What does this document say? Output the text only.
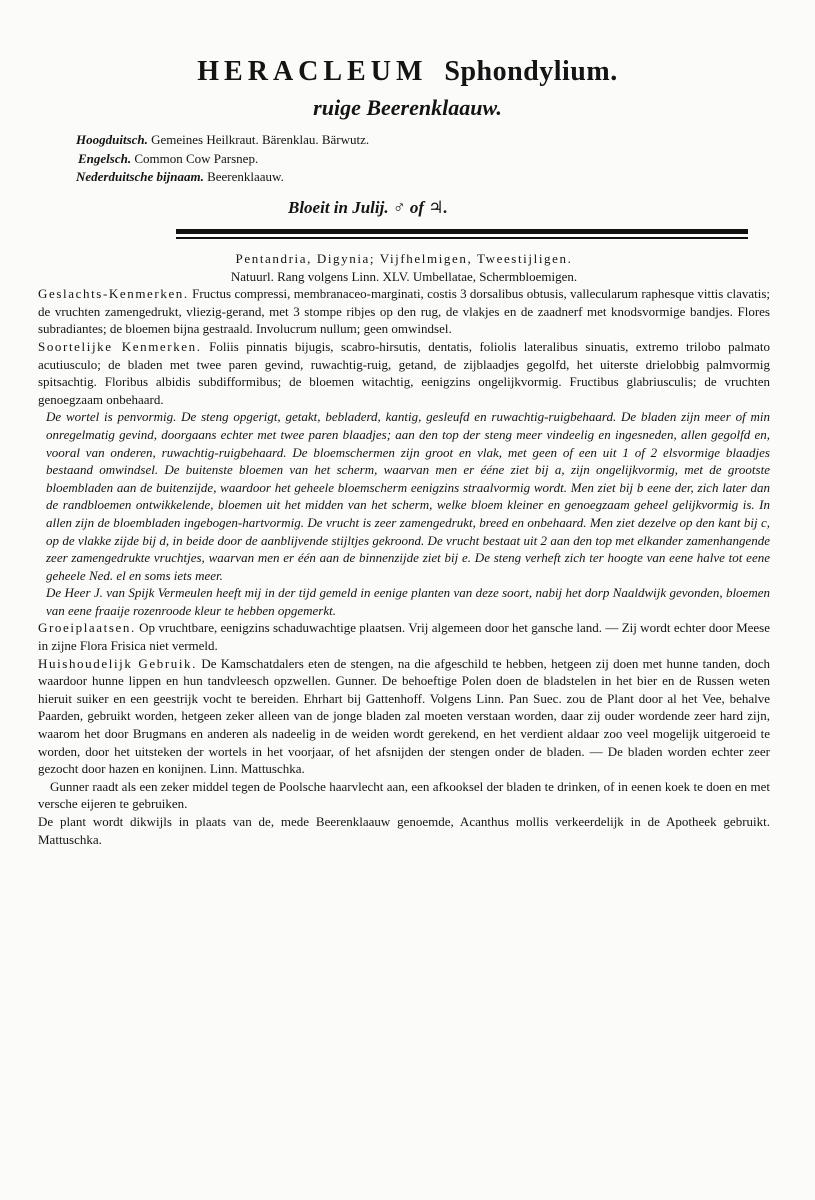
HERACLEUM Sphondylium.
ruige Beerenklaauw.
Hoogduitsch. Gemeines Heilkraut. Bärenklau. Bärwutz.
Engelsch. Common Cow Parsnep.
Nederduitsche bijnaam. Beerenklaauw.
Bloeit in Julij. ♂ of ♃.

Pentandria, Digynia; Vijfhelmigen, Tweestijligen.

Natuurl. Rang volgens Linn. XLV. Umbellatae, Schermbloemigen.

Geslachts-Kenmerken. Fructus compressi, membranaceo-marginati, costis 3 dorsalibus obtusis, vallecularum raphesque vittis clavatis; de vruchten zamengedrukt, vliezig-gerand, met 3 stompe ribjes op den rug, de vlakjes en de zaadnerf met knodsvormige bandjes. Flores subradiantes; de bloemen bijna gestraald. Involucrum nullum; geen omwindsel.

Soortelijke Kenmerken. Foliis pinnatis bijugis, scabro-hirsutis, dentatis, foliolis lateralibus sinuatis, extremo trilobo palmato acutiusculo; de bladen met twee paren gevind, ruwachtig-ruig, getand, de zijblaadjes gegolfd, het uiterste drielobbig palmvormig spitsachtig. Floribus albidis subdifformibus; de bloemen witachtig, eenigzins ongelijkvormig. Fructibus glabriusculis; de vruchten genoegzaam onbehaard.

De wortel is penvormig. De steng opgerigt, getakt, bebladerd, kantig, gesleufd en ruwachtig-ruigbehaard. De bladen zijn meer of min onregelmatig gevind, doorgaans echter met twee paren blaadjes; aan den top der steng meer vindeelig en ingesneden, allen gegolfd en, vooral van onderen, ruwachtig-ruigbehaard. De bloemschermen zijn groot en vlak, met geen of een uit 1 of 2 elsvormige blaadjes bestaand omwindsel. De buitenste bloemen van het scherm, waarvan men er ééne ziet bij a, zijn ongelijkvormig, met de grootste bloembladen aan de buitenzijde, waardoor het geheele bloemscherm eenigzins straalvormig wordt. Men ziet bij b eene der, zich later dan de randbloemen ontwikkelende, bloemen uit het midden van het scherm, welke bloem kleiner en genoegzaam geheel gelijkvormig is. In allen zijn de bloembladen ingebogen-hartvormig. De vrucht is zeer zamengedrukt, breed en onbehaard. Men ziet dezelve op den kant bij c, op de vlakke zijde bij d, in beide door de aanblijvende stijltjes gekroond. De vrucht bestaat uit 2 aan den top met elkander zamenhangende zeer zamengedrukte vruchtjes, waarvan men er één aan de binnenzijde ziet bij e. De steng verheft zich ter hoogte van eene halve tot eene geheele Ned. el en soms iets meer.

De Heer J. van Spijk Vermeulen heeft mij in der tijd gemeld in eenige planten van deze soort, nabij het dorp Naaldwijk gevonden, bloemen van eene fraaije rozenroode kleur te hebben opgemerkt.

Groeiplaatsen. Op vruchtbare, eenigzins schaduwachtige plaatsen. Vrij algemeen door het gansche land. — Zij wordt echter door Meese in zijne Flora Frisica niet vermeld.

Huishoudelijk Gebruik. De Kamschatdalers eten de stengen, na die afgeschild te hebben, hetgeen zij doen met hunne tanden, doch waardoor hunne lippen en hun tandvleesch opzwellen. Gunner. De behoeftige Polen doen de bladstelen in het bier en de Russen weten hieruit suiker en een geestrijk vocht te bereiden. Ehrhart bij Gattenhoff. Volgens Linn. Pan Suec. zou de Plant door al het Vee, behalve Paarden, gebruikt worden, hetgeen zeker alleen van de jonge bladen zal moeten verstaan worden, daar zij ouder wordende zeer hard zijn, waarom het door Brugmans en anderen als nadeelig in de weiden wordt gerekend, en het verdient aldaar zoo veel mogelijk uitgeroeid te worden, door het uitsteken der wortels in het voorjaar, of het afsnijden der stengen onder de bladen. — De bladen worden echter zeer gezocht door hazen en konijnen. Linn. Mattuschka.

Gunner raadt als een zeker middel tegen de Poolsche haarvlecht aan, een afkooksel der bladen te drinken, of in eenen koek te doen en met versche eijeren te gebruiken.

De plant wordt dikwijls in plaats van de, mede Beerenklaauw genoemde, Acanthus mollis verkeerdelijk in de Apotheek gebruikt. Mattuschka.
